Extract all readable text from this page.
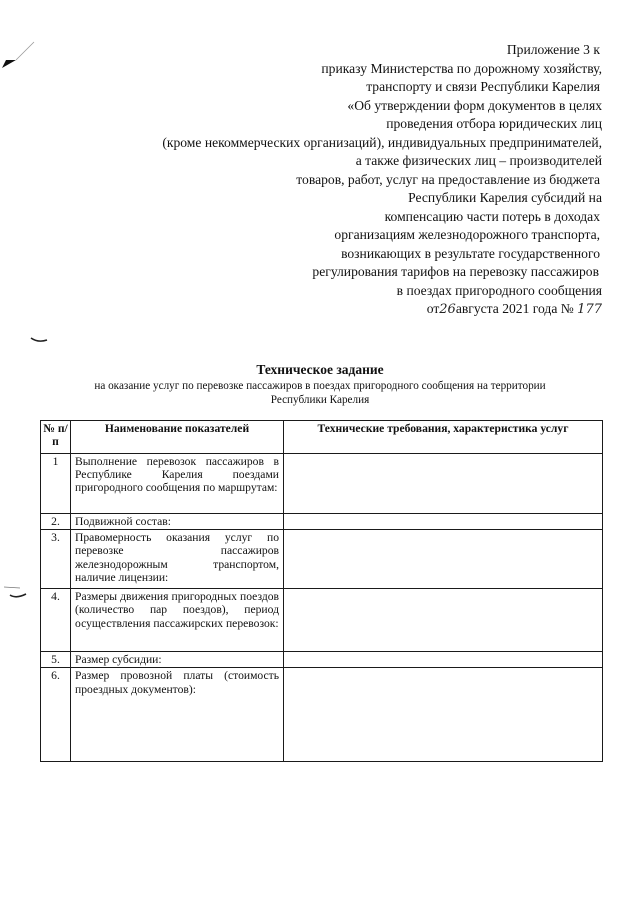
Приложение 3 к
приказу Министерства по дорожному хозяйству,
транспорту и связи Республики Карелия
«Об утверждении форм документов в целях
проведения отбора юридических лиц
(кроме некоммерческих организаций), индивидуальных предпринимателей,
а также физических лиц – производителей
товаров, работ, услуг на предоставление из бюджета
Республики Карелия субсидий на
компенсацию части потерь в доходах
организациям железнодорожного транспорта,
возникающих в результате государственного
регулирования тарифов на перевозку пассажиров
в поездах пригородного сообщения
от26августа 2021 года № 177
Техническое задание
на оказание услуг по перевозке пассажиров в поездах пригородного сообщения на территории
Республики Карелия
№ п/п	Наименование показателей	Технические требования, характеристика услуг
1	Выполнение перевозок пассажиров в Республике Карелия поездами пригородного сообщения по маршрутам:	
2.	Подвижной состав:	
3.	Правомерность оказания услуг по перевозке пассажиров железнодорожным транспортом, наличие лицензии:	
4.	Размеры движения пригородных поездов (количество пар поездов), период осуществления пассажирских перевозок:	
5.	Размер субсидии:	
6.	Размер провозной платы (стоимость проездных документов):	
